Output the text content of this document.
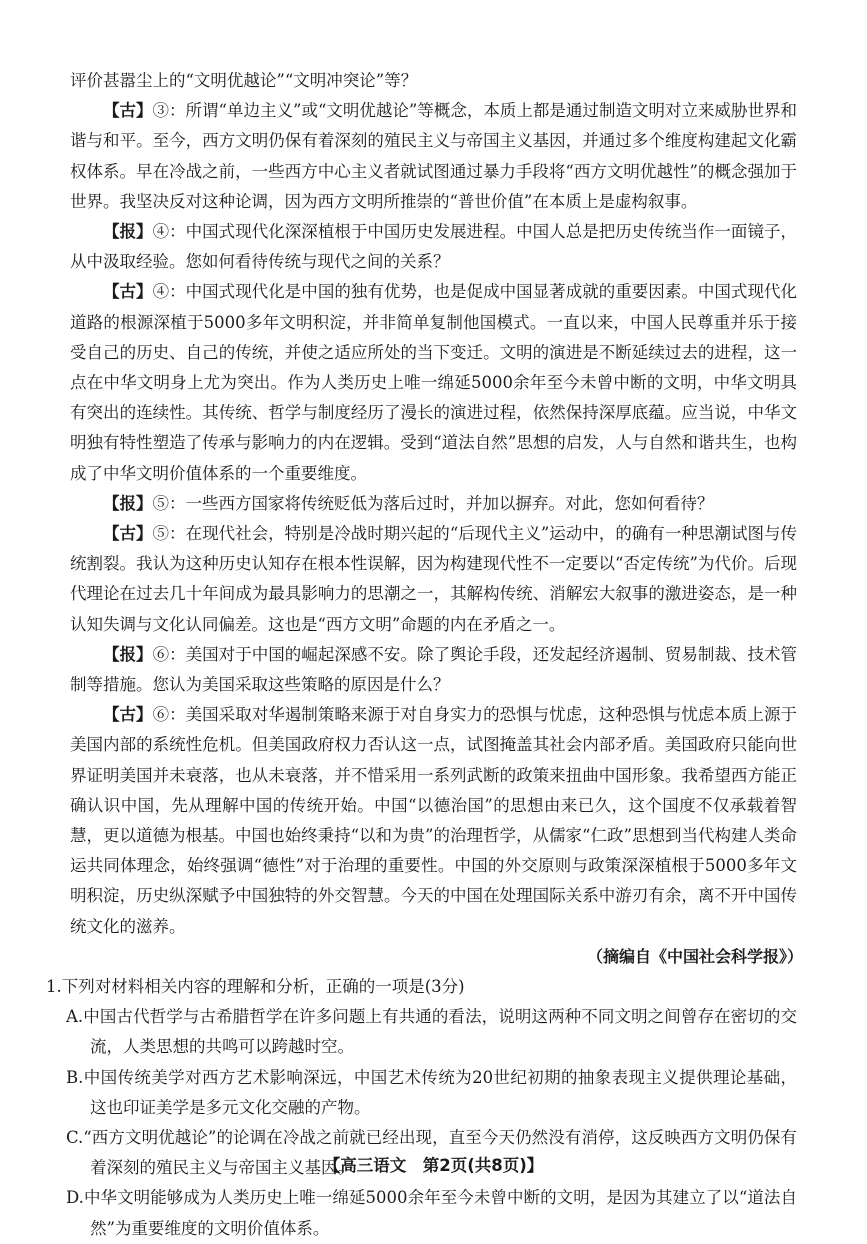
评价甚嚣尘上的“文明优越论”“文明冲突论”等？

【古】③：所谓“单边主义”或“文明优越论”等概念，本质上都是通过制造文明对立来威胁世界和谐与和平。至今，西方文明仍保有着深刻的殖民主义与帝国主义基因，并通过多个维度构建起文化霸权体系。早在冷战之前，一些西方中心主义者就试图通过暴力手段将“西方文明优越性”的概念强加于世界。我坚决反对这种论调，因为西方文明所推崇的“普世价值”在本质上是虚构叙事。

【报】④：中国式现代化深深植根于中国历史发展进程。中国人总是把历史传统当作一面镜子，从中汲取经验。您如何看待传统与现代之间的关系？

【古】④：中国式现代化是中国的独有优势，也是促成中国显著成就的重要因素。中国式现代化道路的根源深植于5000多年文明积淀，并非简单复制他国模式。一直以来，中国人民尊重并乐于接受自己的历史、自己的传统，并使之适应所处的当下变迁。文明的演进是不断延续过去的进程，这一点在中华文明身上尤为突出。作为人类历史上唯一绵延5000余年至今未曾中断的文明，中华文明具有突出的连续性。其传统、哲学与制度经历了漫长的演进过程，依然保持深厚底蕴。应当说，中华文明独有特性塑造了传承与影响力的内在逻辑。受到“道法自然”思想的启发，人与自然和谐共生，也构成了中华文明价值体系的一个重要维度。

【报】⑤：一些西方国家将传统贬低为落后过时，并加以摒弃。对此，您如何看待？

【古】⑤：在现代社会，特别是冷战时期兴起的“后现代主义”运动中，的确有一种思潮试图与传统割裂。我认为这种历史认知存在根本性误解，因为构建现代性不一定要以“否定传统”为代价。后现代理论在过去几十年间成为最具影响力的思潮之一，其解构传统、消解宏大叙事的激进姿态，是一种认知失调与文化认同偏差。这也是“西方文明”命题的内在矛盾之一。

【报】⑥：美国对于中国的崛起深感不安。除了舆论手段，还发起经济遏制、贸易制裁、技术管制等措施。您认为美国采取这些策略的原因是什么？

【古】⑥：美国采取对华遏制策略来源于对自身实力的恐惧与忧虑，这种恐惧与忧虑本质上源于美国内部的系统性危机。但美国政府权力否认这一点，试图掩盖其社会内部矛盾。美国政府只能向世界证明美国并未衰落，也从未衰落，并不惜采用一系列武断的政策来扭曲中国形象。我希望西方能正确认识中国，先从理解中国的传统开始。中国“以德治国”的思想由来已久，这个国度不仅承载着智慧，更以道德为根基。中国也始终秉持“以和为贵”的治理哲学，从儒家“仁政”思想到当代构建人类命运共同体理念，始终强调“德性”对于治理的重要性。中国的外交原则与政策深深植根于5000多年文明积淀，历史纵深赋予中国独特的外交智慧。今天的中国在处理国际关系中游刃有余，离不开中国传统文化的滋养。

（摘编自《中国社会科学报》）

1.下列对材料相关内容的理解和分析，正确的一项是(3分)

A.中国古代哲学与古希腊哲学在许多问题上有共通的看法，说明这两种不同文明之间曾存在密切的交流，人类思想的共鸣可以跨越时空。

B.中国传统美学对西方艺术影响深远，中国艺术传统为20世纪初期的抽象表现主义提供理论基础，这也印证美学是多元文化交融的产物。

C.“西方文明优越论”的论调在冷战之前就已经出现，直至今天仍然没有消停，这反映西方文明仍保有着深刻的殖民主义与帝国主义基因。

D.中华文明能够成为人类历史上唯一绵延5000余年至今未曾中断的文明，是因为其建立了以“道法自然”为重要维度的文明价值体系。

【高三语文　第2页(共8页)】
